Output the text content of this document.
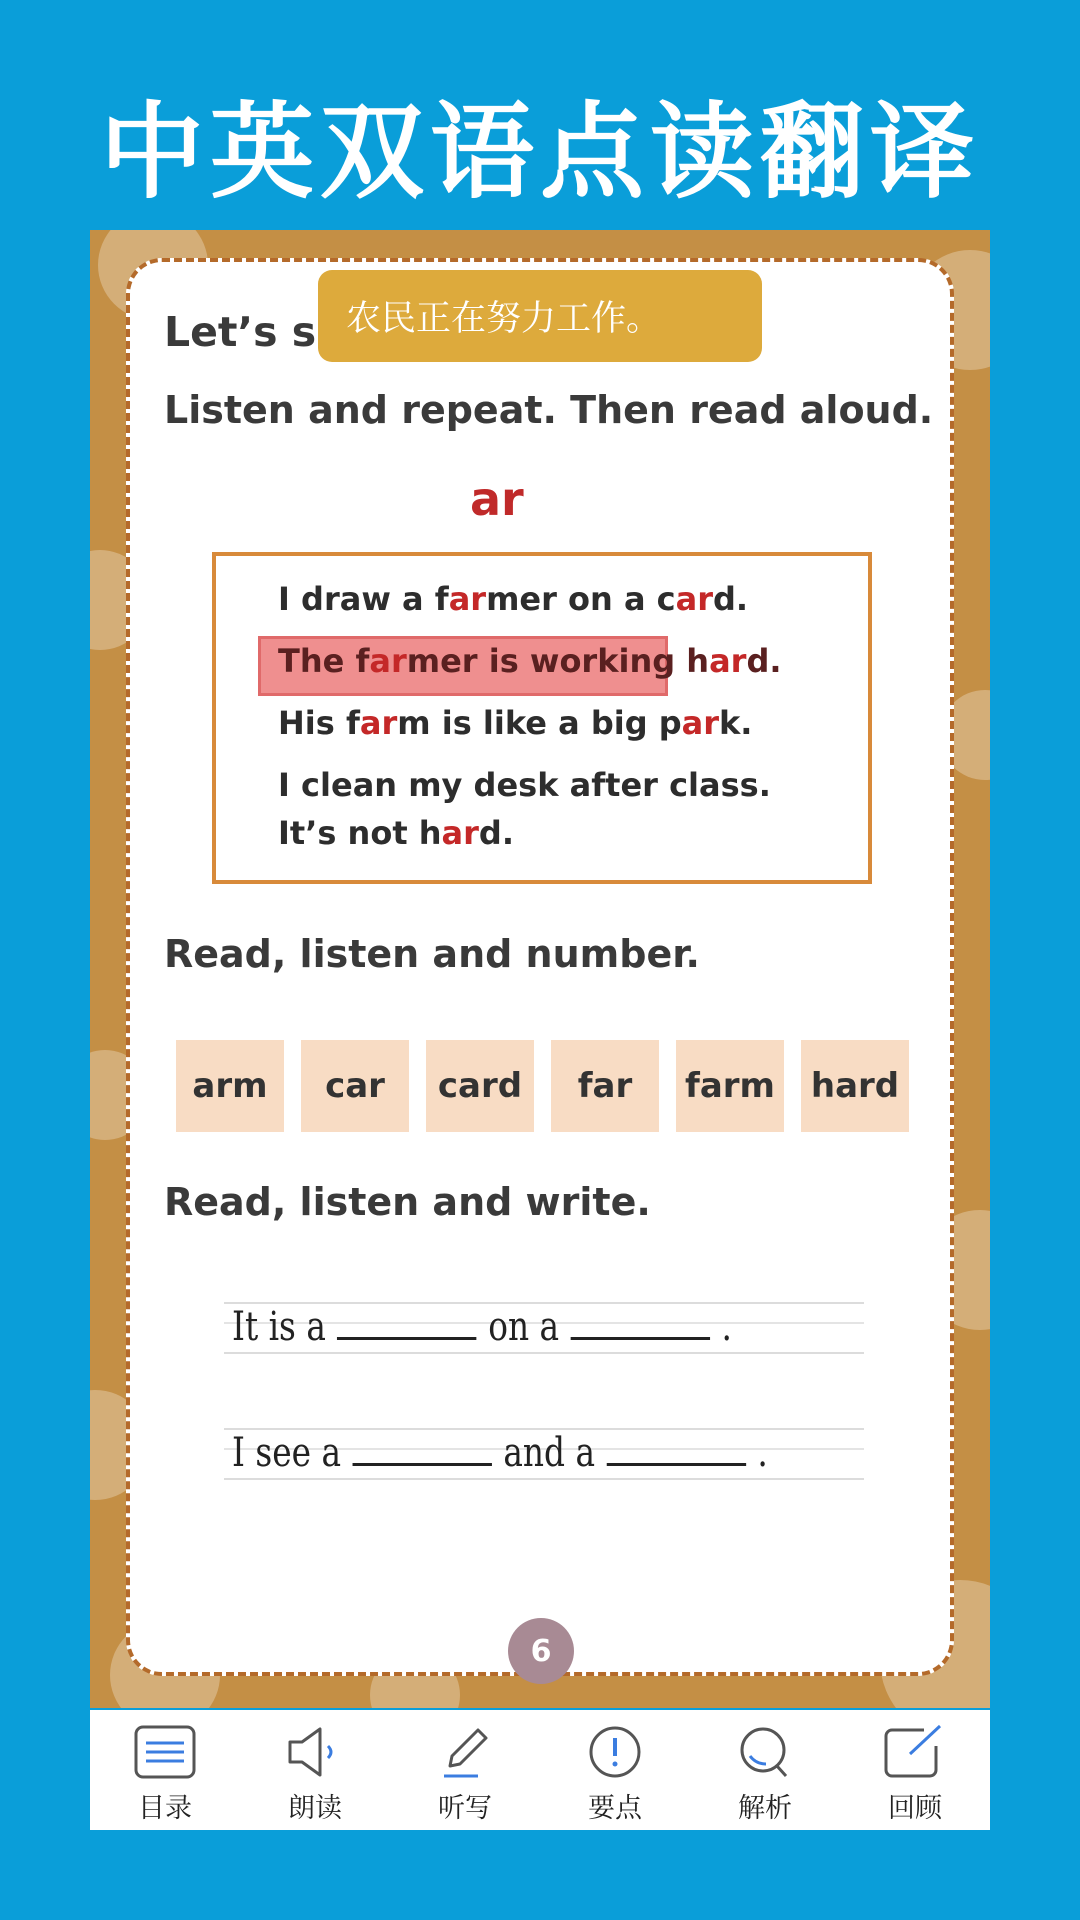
中英双语点读翻译
Let’s s
Listen and repeat. Then read aloud.
ar
I draw a farmer on a card.
The farmer is working hard.
His farm is like a big park.
I clean my desk after class.
It’s not hard.
Read, listen and number.
arm	car	card	far	farm hard
Read, listen and write.
It is a	on a	.
I see a	and a	.
6
农民正在努力工作。
目录	朗读	听写	要点	解析	回顾
